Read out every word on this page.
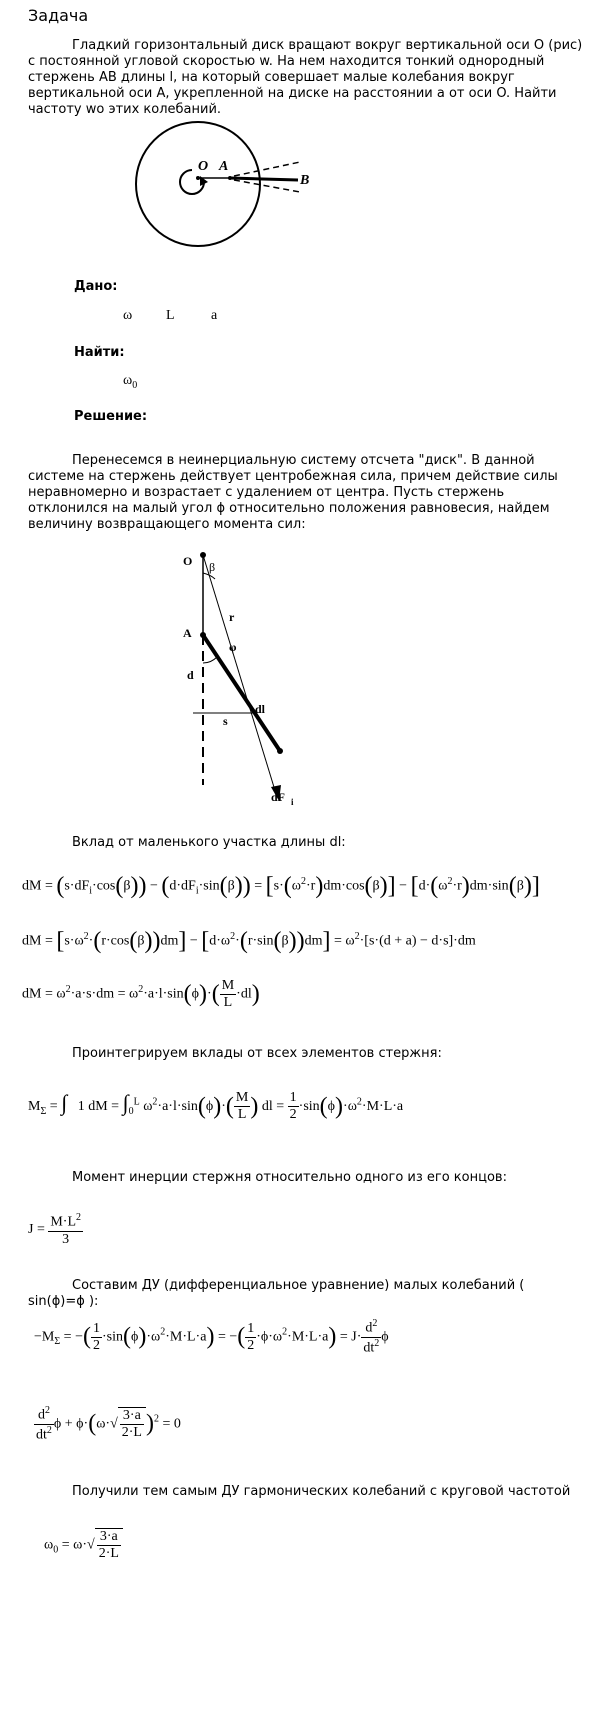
Задача
Гладкий горизонтальный диск вращают вокруг вертикальной оси O (рис) с постоянной угловой скоростью w. На нем находится тонкий однородный стержень AB длины l, на который совершает малые колебания вокруг вертикальной оси A, укрепленной на диске на расстоянии a от оси O. Найти частоту wo этих колебаний.
O A
B
Дано:
ω L	a
Найти:
$\omega_0$
Решение:
Перенесемся в неинерциальную систему отсчета "диск". В данной системе на стержень действует центробежная сила, причем действие силы неравномерно и возрастает с удалением от центра. Пусть стержень отклонился на малый угол ϕ относительно положения равновесия, найдем величину возвращающего момента сил:
O β
r
A
φ
d
s
dl
dF i
Вклад от маленького участка длины dl:
dM = $(s\cdot dF_i\cdot\cos(\beta)) - (d\cdot dF_i\cdot\sin(\beta)) = [s\cdot(\omega^2\cdot r)dm\cdot\cos(\beta)] - [d\cdot(\omega^2\cdot r)dm\cdot\sin(\beta)]$
dM = $[s\cdot\omega^2\cdot(r\cdot\cos(\beta))dm] - [d\cdot\omega^2\cdot(r\cdot\sin(\beta))dm] = \omega^2\cdot[s\cdot(d + a) - d\cdot s]\cdot dm$
dM = $\omega^2\cdot a\cdot s\cdot dm = \omega^2\cdot a\cdot l\cdot\sin(\phi)\cdot( \frac{M}{L} \cdot dl)$
Проинтегрируем вклады от всех элементов стержня:
$M_\Sigma$ = ∫   1 dM = $\int_0^L$ $\omega^2\cdot a\cdot l\cdot\sin(\phi)\cdot( \frac{M}{L}$ ) dl = $\frac{1}{2} \cdot\sin(\phi)\cdot\omega^2\cdot M\cdot L\cdot a$
Момент инерции стержня относительно одного из его концов:
$J = \frac{M\cdot L^2}{3}$
Составим ДУ (дифференциальное уравнение) малых колебаний ( sin(ϕ)=ϕ ):
$-M_\Sigma$ = −( $\frac{1}{2} \cdot\sin(\phi)\cdot\omega^2\cdot M\cdot L\cdot a$) = −( $\frac{1}{2} \cdot\phi\cdot\omega^2\cdot M\cdot L\cdot a) = J\cdot \frac{d^2}{dt^2}$ ϕ
$\frac{d^2}{dt^2}$ $\phi + \phi\cdot(\omega\cdot√ \frac{3\cdot a}{2\cdot L} )^2 = 0$
Получили тем самым ДУ гармонических колебаний с круговой частотой
$\omega_0 = \omega\cdot√ \frac{3\cdot a}{2\cdot L}$
